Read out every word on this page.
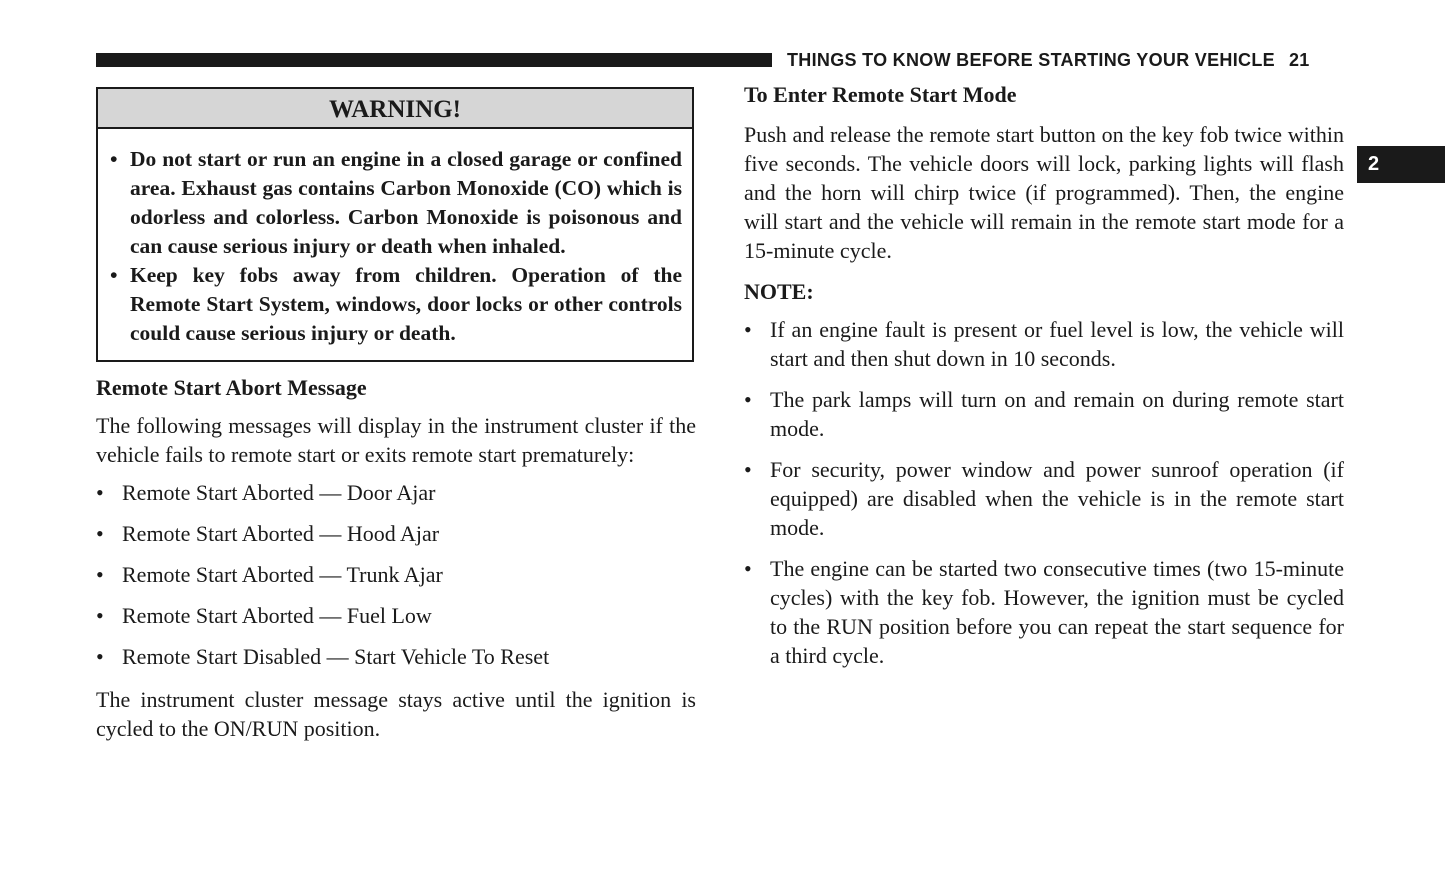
THINGS TO KNOW BEFORE STARTING YOUR VEHICLE 21
2
WARNING!
• Do not start or run an engine in a closed garage or confined area. Exhaust gas contains Carbon Monoxide (CO) which is odorless and colorless. Carbon Monoxide is poisonous and can cause serious injury or death when inhaled.
• Keep key fobs away from children. Operation of the Remote Start System, windows, door locks or other controls could cause serious injury or death.
Remote Start Abort Message

The following messages will display in the instrument cluster if the vehicle fails to remote start or exits remote start prematurely:

• Remote Start Aborted — Door Ajar
• Remote Start Aborted — Hood Ajar
• Remote Start Aborted — Trunk Ajar
• Remote Start Aborted — Fuel Low
• Remote Start Disabled — Start Vehicle To Reset

The instrument cluster message stays active until the ignition is cycled to the ON/RUN position.

To Enter Remote Start Mode

Push and release the remote start button on the key fob twice within five seconds. The vehicle doors will lock, parking lights will flash and the horn will chirp twice (if programmed). Then, the engine will start and the vehicle will remain in the remote start mode for a 15-minute cycle.

NOTE:
• If an engine fault is present or fuel level is low, the vehicle will start and then shut down in 10 seconds.
• The park lamps will turn on and remain on during remote start mode.
• For security, power window and power sunroof operation (if equipped) are disabled when the vehicle is in the remote start mode.
• The engine can be started two consecutive times (two 15-minute cycles) with the key fob. However, the ignition must be cycled to the RUN position before you can repeat the start sequence for a third cycle.
